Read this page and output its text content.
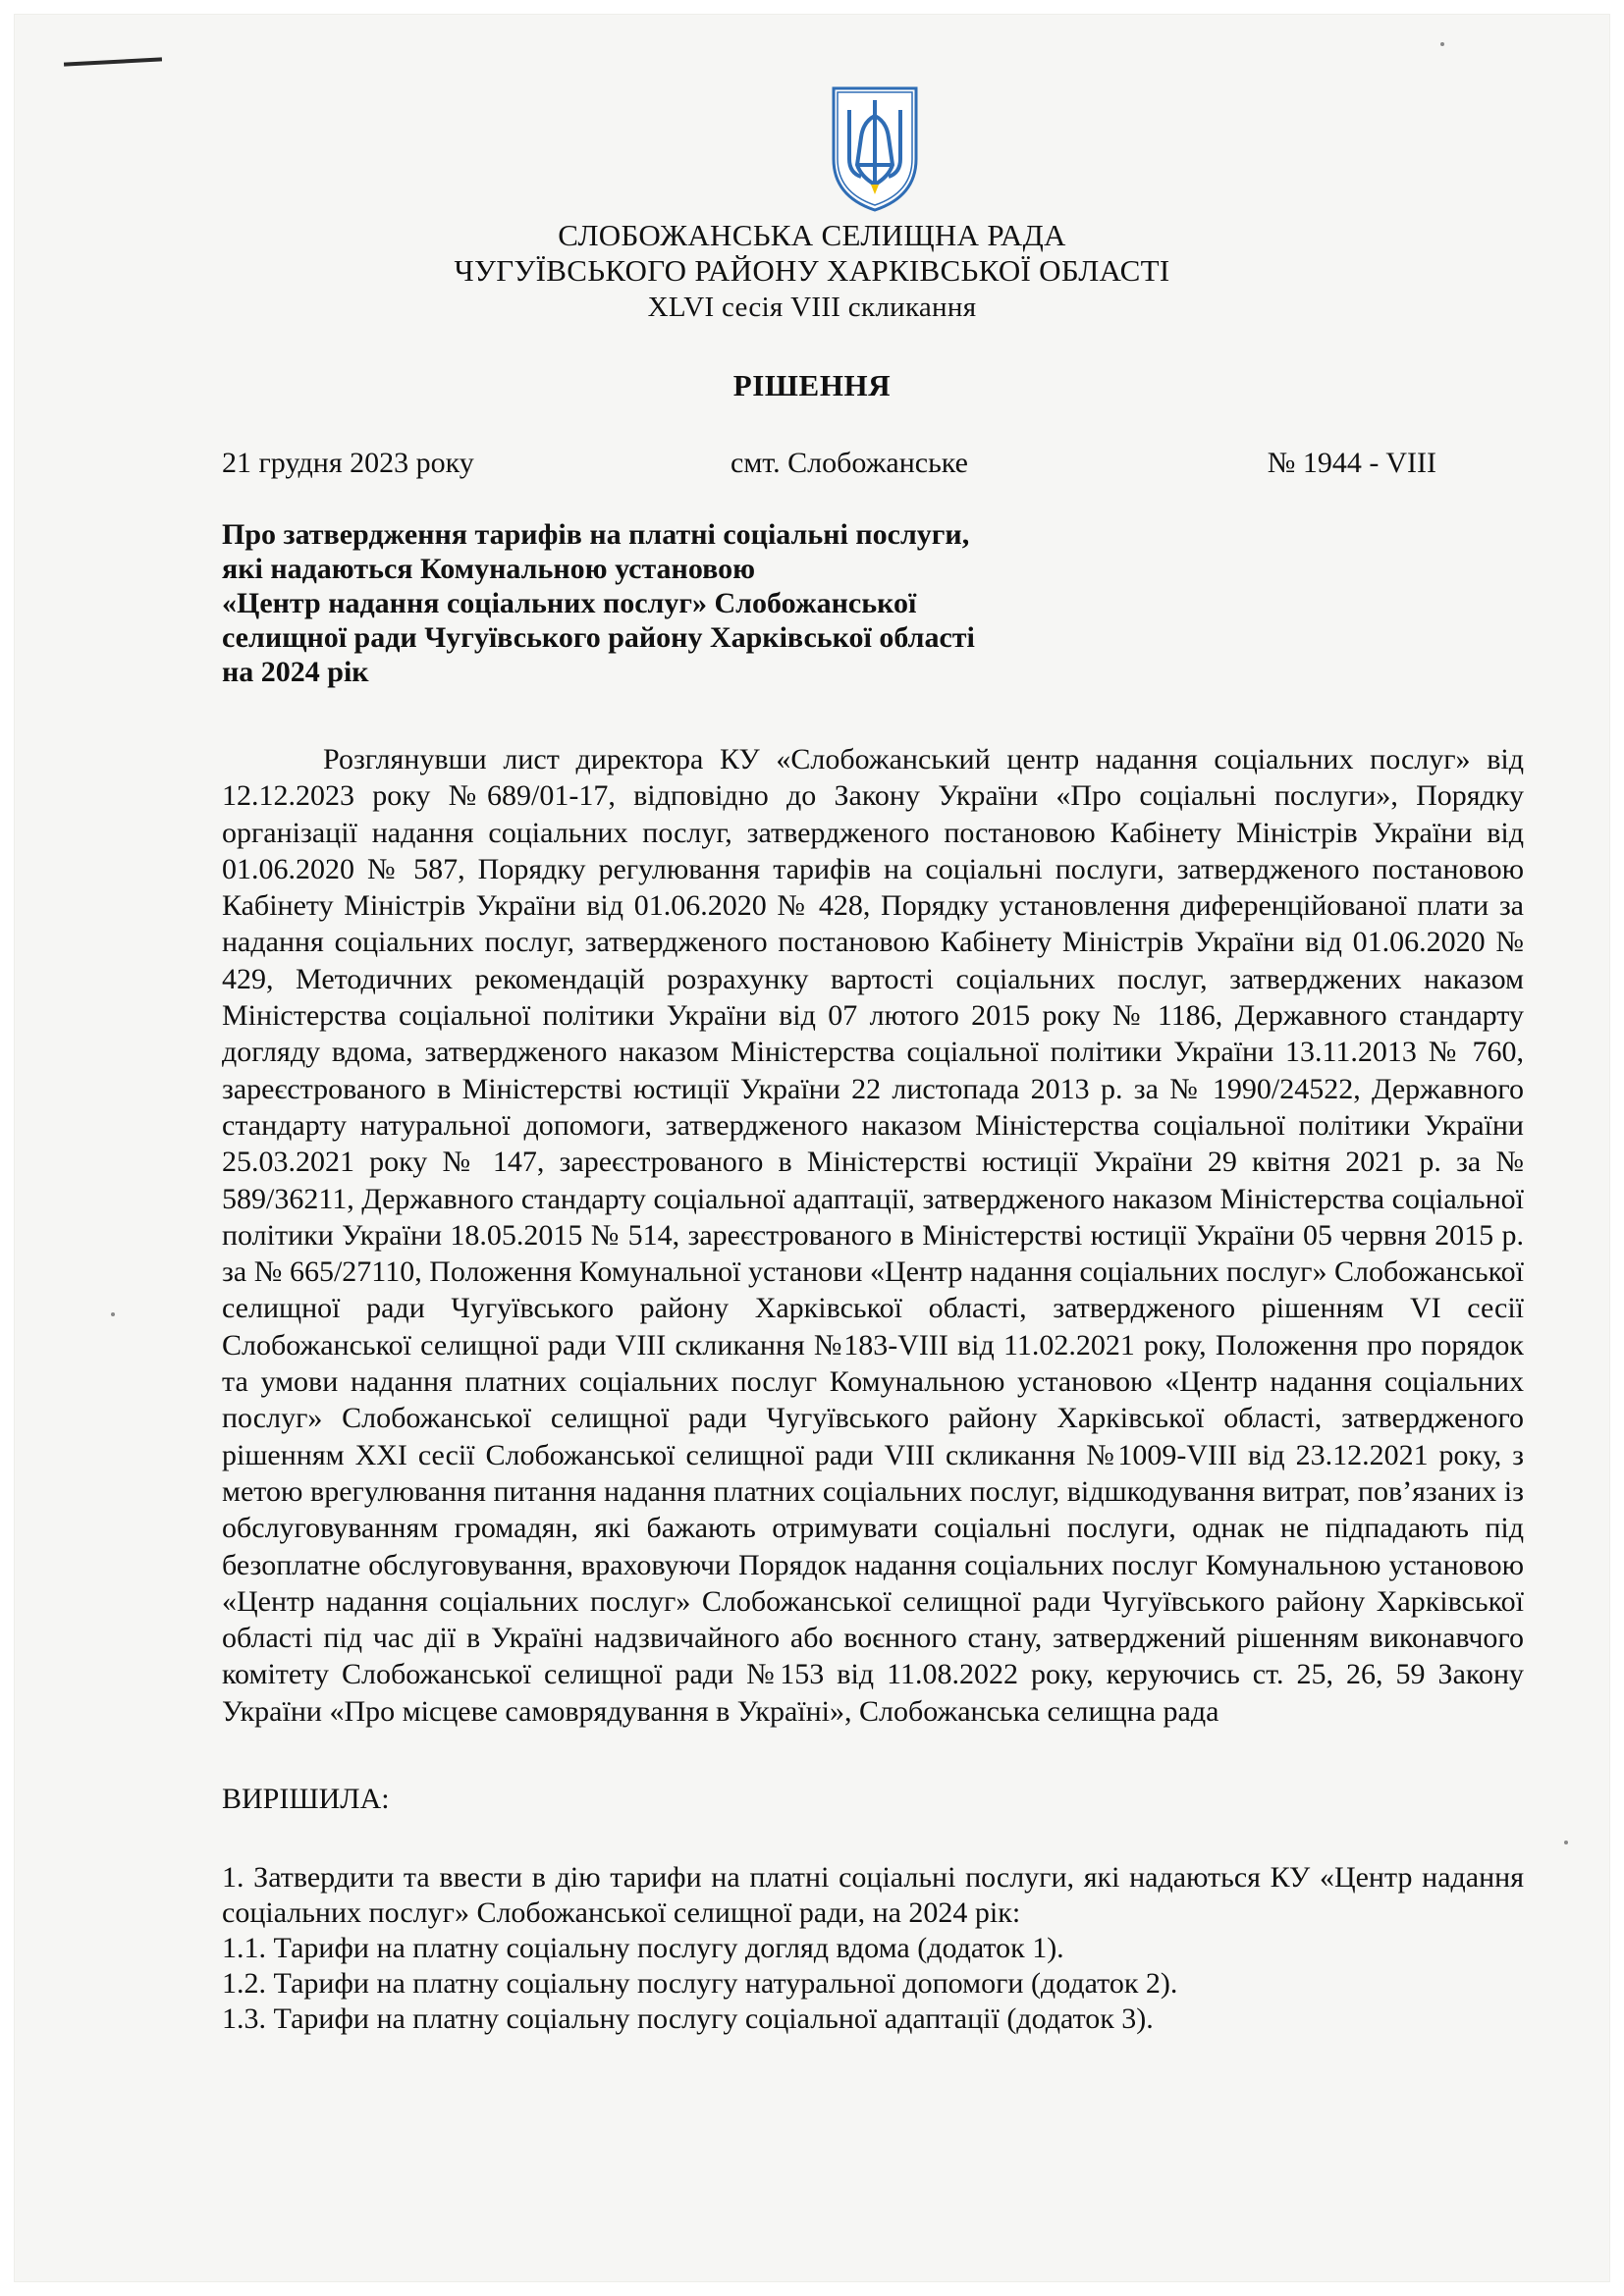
СЛОБОЖАНСЬКА СЕЛИЩНА РАДА
ЧУГУЇВСЬКОГО РАЙОНУ ХАРКІВСЬКОЇ ОБЛАСТІ
XLVI сесія VIII скликання
РІШЕННЯ
21 грудня 2023 року	смт. Слобожанське	№ 1944 - VIII
Про затвердження тарифів на платні соціальні послуги,
які надаються Комунальною установою
«Центр надання соціальних послуг» Слобожанської
селищної ради Чугуївського району Харківської області
на 2024 рік
Розглянувши лист директора КУ «Слобожанський центр надання соціальних послуг» від 12.12.2023 року №689/01-17, відповідно до Закону України «Про соціальні послуги», Порядку організації надання соціальних послуг, затвердженого постановою Кабінету Міністрів України від 01.06.2020 № 587, Порядку регулювання тарифів на соціальні послуги, затвердженого постановою Кабінету Міністрів України від 01.06.2020 № 428, Порядку установлення диференційованої плати за надання соціальних послуг, затвердженого постановою Кабінету Міністрів України від 01.06.2020 № 429, Методичних рекомендацій розрахунку вартості соціальних послуг, затверджених наказом Міністерства соціальної політики України від 07 лютого 2015 року № 1186, Державного стандарту догляду вдома, затвердженого наказом Міністерства соціальної політики України 13.11.2013 № 760, зареєстрованого в Міністерстві юстиції України 22 листопада 2013 р. за № 1990/24522, Державного стандарту натуральної допомоги, затвердженого наказом Міністерства соціальної політики України 25.03.2021 року № 147, зареєстрованого в Міністерстві юстиції України 29 квітня 2021 р. за № 589/36211, Державного стандарту соціальної адаптації, затвердженого наказом Міністерства соціальної політики України 18.05.2015 № 514, зареєстрованого в Міністерстві юстиції України 05 червня 2015 р. за № 665/27110, Положення Комунальної установи «Центр надання соціальних послуг» Слобожанської селищної ради Чугуївського району Харківської області, затвердженого рішенням VI сесії Слобожанської селищної ради VIII скликання №183-VIII від 11.02.2021 року, Положення про порядок та умови надання платних соціальних послуг Комунальною установою «Центр надання соціальних послуг» Слобожанської селищної ради Чугуївського району Харківської області, затвердженого рішенням XXI сесії Слобожанської селищної ради VIII скликання №1009-VIII від 23.12.2021 року, з метою врегулювання питання надання платних соціальних послуг, відшкодування витрат, пов’язаних із обслуговуванням громадян, які бажають отримувати соціальні послуги, однак не підпадають під безоплатне обслуговування, враховуючи Порядок надання соціальних послуг Комунальною установою «Центр надання соціальних послуг» Слобожанської селищної ради Чугуївського району Харківської області під час дії в Україні надзвичайного або воєнного стану, затверджений рішенням виконавчого комітету Слобожанської селищної ради №153 від 11.08.2022 року, керуючись ст. 25, 26, 59 Закону України «Про місцеве самоврядування в Україні», Слобожанська селищна рада
ВИРІШИЛА:
1. Затвердити та ввести в дію тарифи на платні соціальні послуги, які надаються КУ «Центр надання соціальних послуг» Слобожанської селищної ради, на 2024 рік:
1.1. Тарифи на платну соціальну послугу догляд вдома (додаток 1).
1.2. Тарифи на платну соціальну послугу натуральної допомоги (додаток 2).
1.3. Тарифи на платну соціальну послугу соціальної адаптації (додаток 3).
